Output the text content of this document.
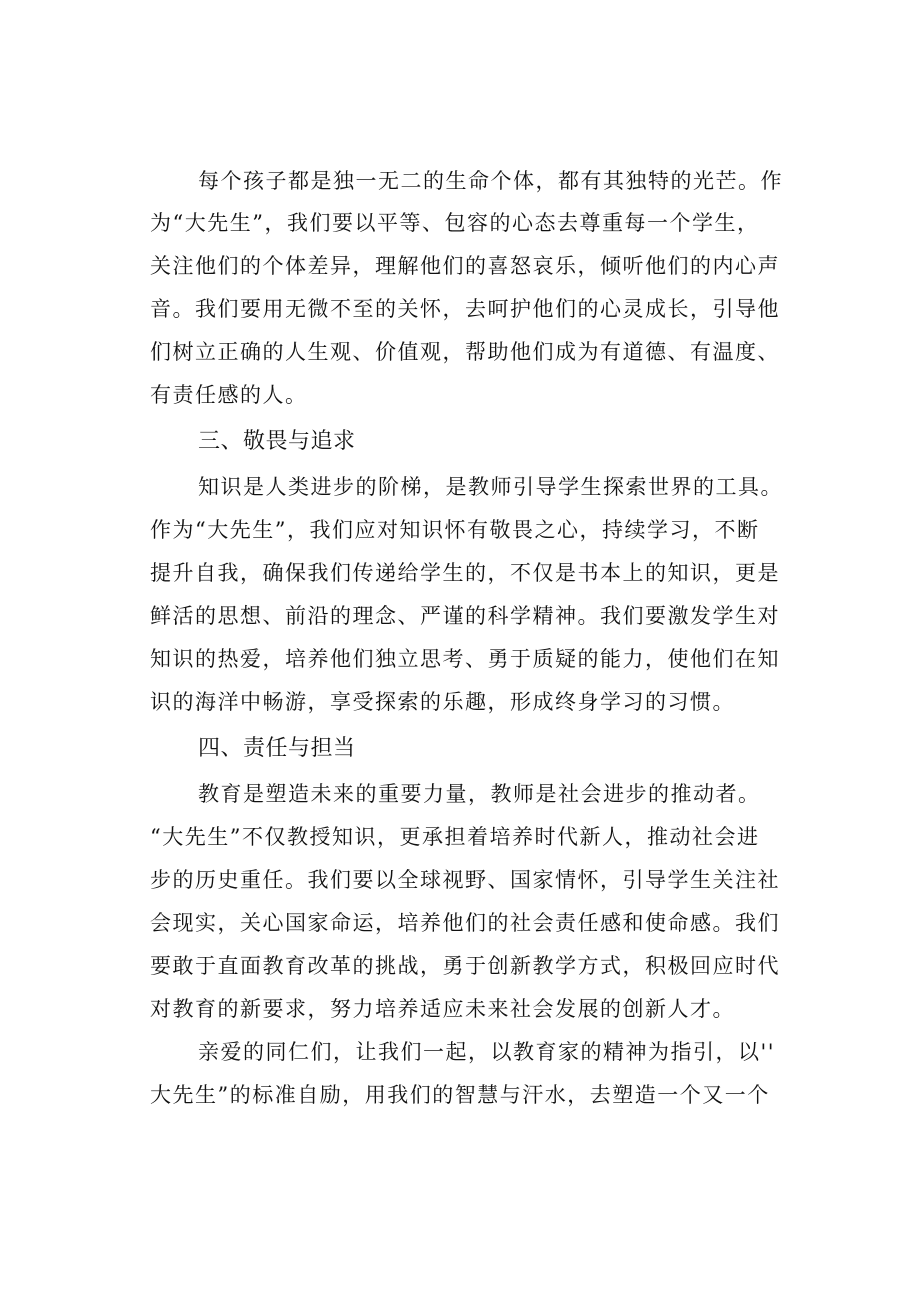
每个孩子都是独一无二的生命个体，都有其独特的光芒。作
为“大先生”，我们要以平等、包容的心态去尊重每一个学生，
关注他们的个体差异，理解他们的喜怒哀乐，倾听他们的内心声
音。我们要用无微不至的关怀，去呵护他们的心灵成长，引导他
们树立正确的人生观、价值观，帮助他们成为有道德、有温度、
有责任感的人。
三、敬畏与追求
知识是人类进步的阶梯，是教师引导学生探索世界的工具。
作为“大先生”，我们应对知识怀有敬畏之心，持续学习，不断
提升自我，确保我们传递给学生的，不仅是书本上的知识，更是
鲜活的思想、前沿的理念、严谨的科学精神。我们要激发学生对
知识的热爱，培养他们独立思考、勇于质疑的能力，使他们在知
识的海洋中畅游，享受探索的乐趣，形成终身学习的习惯。
四、责任与担当
教育是塑造未来的重要力量，教师是社会进步的推动者。
“大先生”不仅教授知识，更承担着培养时代新人，推动社会进
步的历史重任。我们要以全球视野、国家情怀，引导学生关注社
会现实，关心国家命运，培养他们的社会责任感和使命感。我们
要敢于直面教育改革的挑战，勇于创新教学方式，积极回应时代
对教育的新要求，努力培养适应未来社会发展的创新人才。
亲爱的同仁们，让我们一起，以教育家的精神为指引，以''
大先生”的标准自励，用我们的智慧与汗水，去塑造一个又一个
